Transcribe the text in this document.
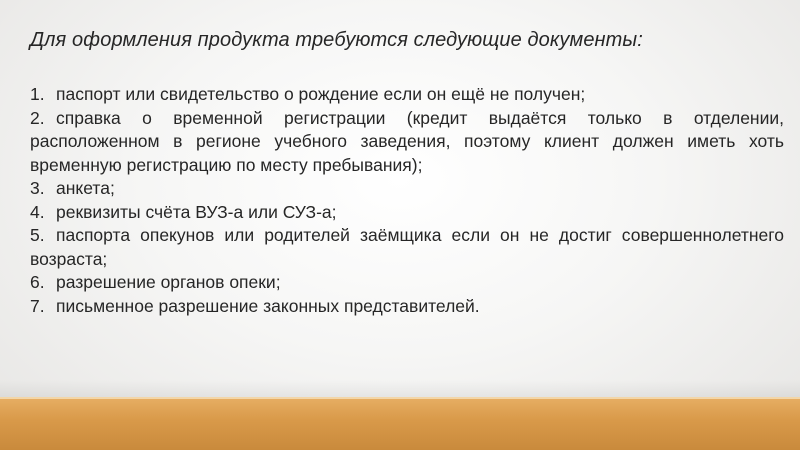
Для оформления продукта требуются следующие документы:
1. паспорт или свидетельство о рождение если он ещё не получен;
2. справка о временной регистрации (кредит выдаётся только в отделении, расположенном в регионе учебного заведения, поэтому клиент должен иметь хоть временную регистрацию по месту пребывания);
3. анкета;
4. реквизиты счёта ВУЗ-а или СУЗ-а;
5. паспорта опекунов или родителей заёмщика если он не достиг совершеннолетнего возраста;
6. разрешение органов опеки;
7. письменное разрешение законных представителей.
